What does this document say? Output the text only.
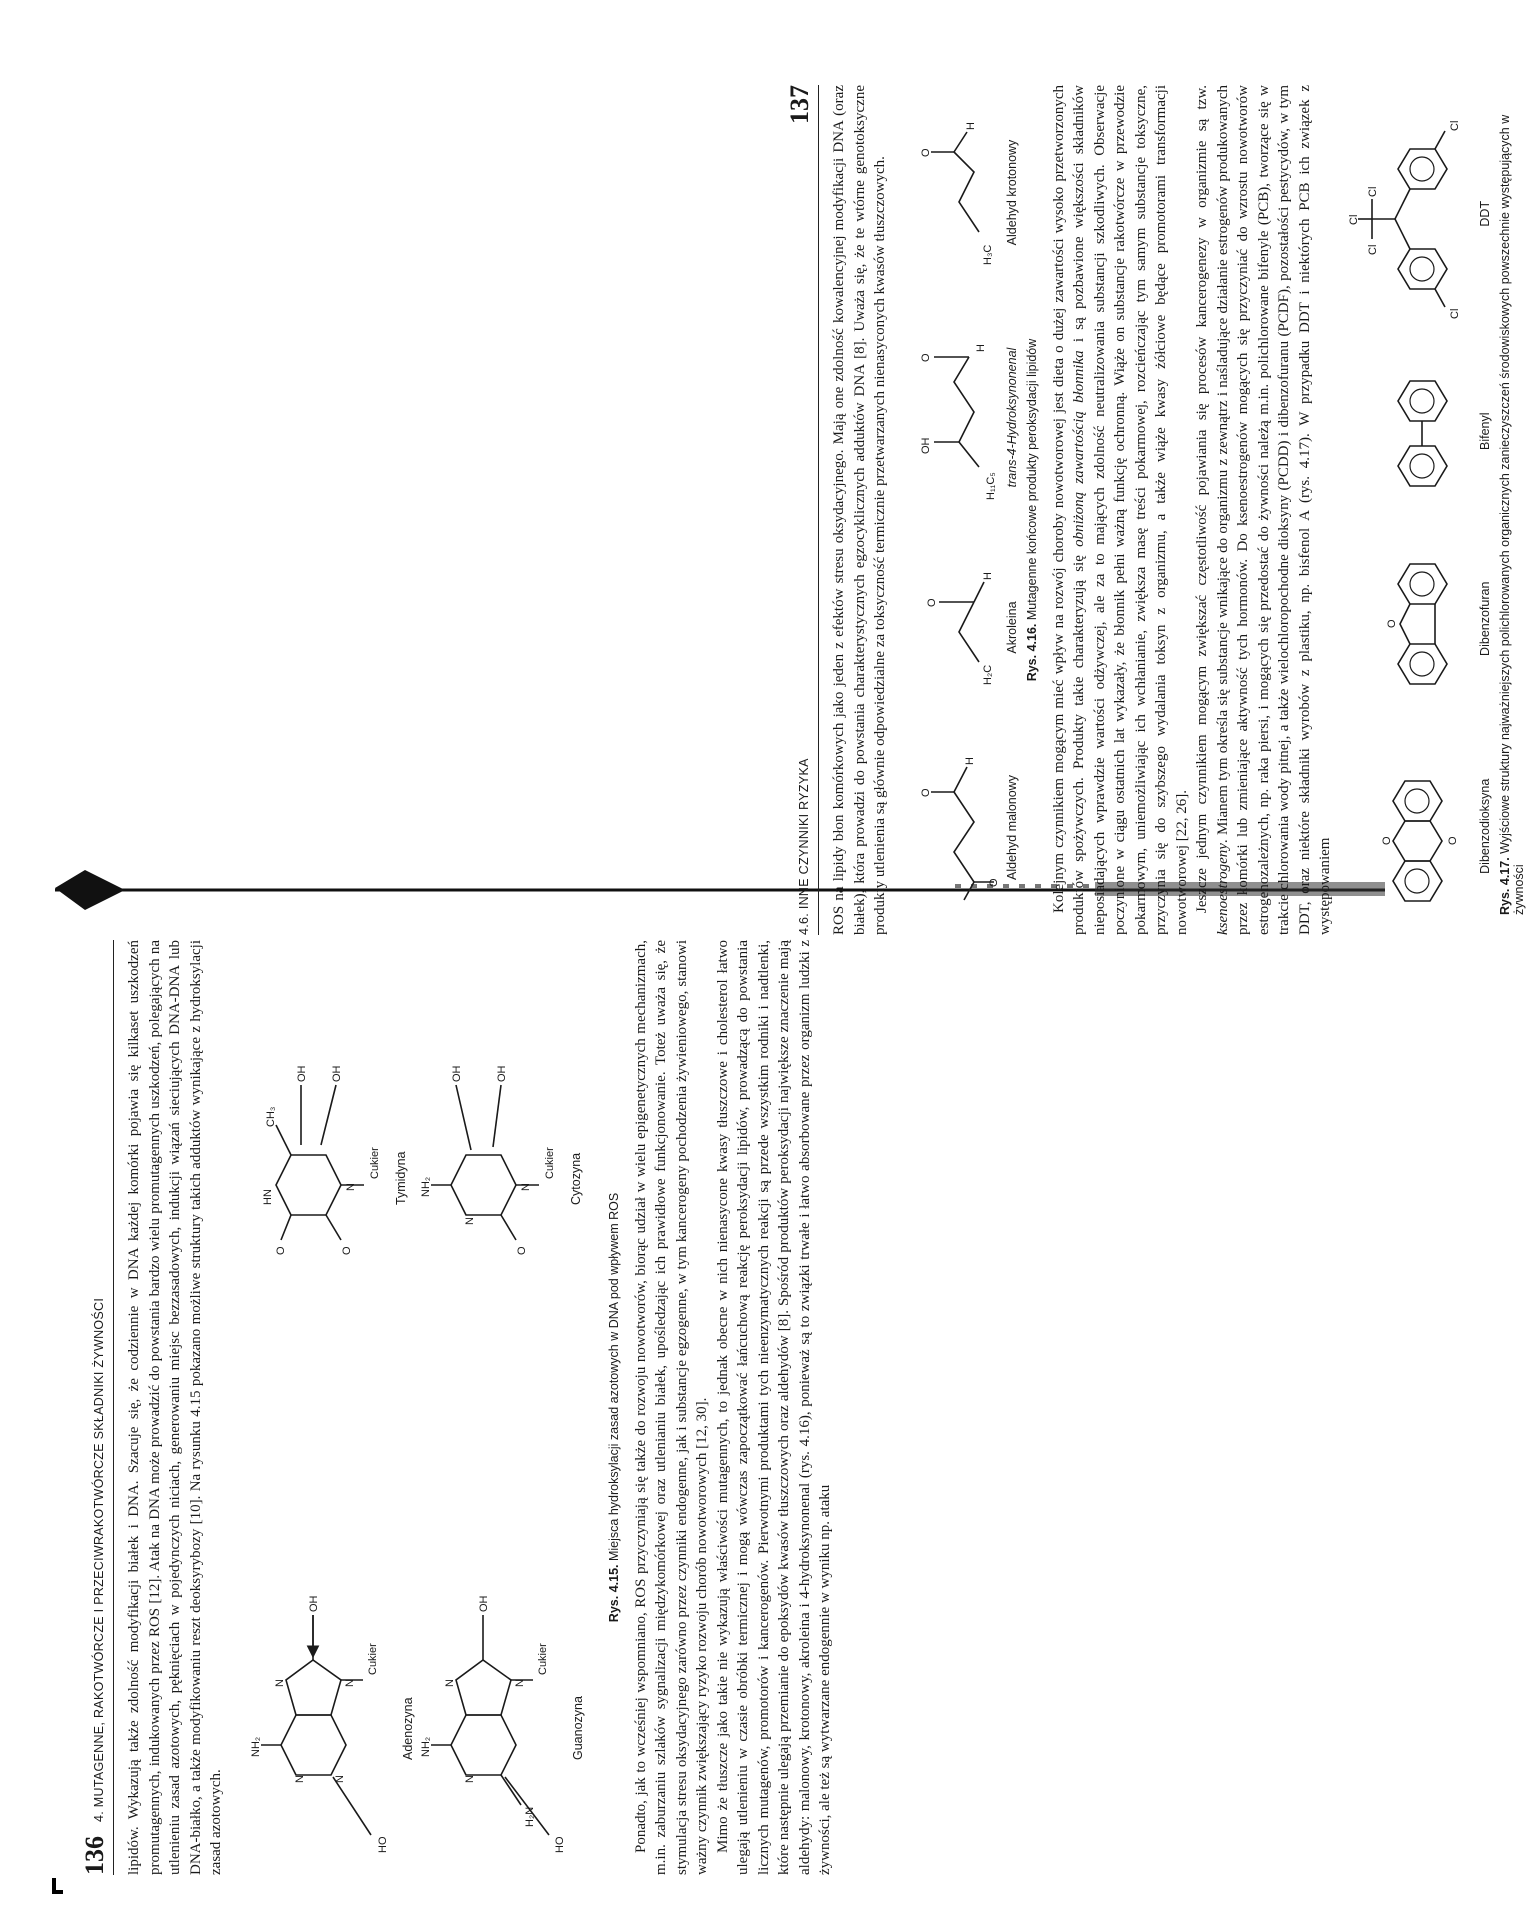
136
4. MUTAGENNE, RAKOTWÓRCZE I PRZECIWRAKOTWÓRCZE SKŁADNIKI ŻYWNOŚCI lipidów. Wykazują także zdolność modyfikacji białek i DNA. Szacuje się, że codziennie w DNA każdej komórki pojawia się kilkaset uszkodzeń promutagennych, indukowanych przez ROS [12]. Atak na DNA może prowadzić do powstania bardzo wielu promutagennych uszkodzeń, polegających na utlenieniu zasad azotowych, pęknięciach w pojedynczych niciach, generowaniu miejsc bezzasadowych, indukcji wiązań sieciujących DNA-DNA lub DNA-białko, a także modyfikowaniu reszt deoksyrybozy [10]. Na rysunku 4.15 pokazano możliwe struktury takich adduktów wynikające z hydroksylacji zasad azotowych.

NH₂
N	N
N	N
OH
HO
Cukier
Adenozyna
O
HN
O
N
CH₃
OH OH
Cukier Tymidyna
NH₂
N
N	N
OH
H₂N
HO
Cukier
Guanozyna
NH₂
N
O
N
OH	OH
Cukier Cytozyna
Rys. 4.15. Miejsca hydroksylacji zasad azotowych w DNA pod wpływem ROS Ponadto, jak to wcześniej wspomniano, ROS przyczyniają się także do rozwoju nowotworów, biorąc udział w wielu epigenetycznych mechanizmach, m.in. zaburzaniu szlaków sygnalizacji międzykomórkowej oraz utlenianiu białek, upośledzając ich prawidłowe funkcjonowanie. Toteż uważa się, że stymulacja stresu oksydacyjnego zarówno przez czynniki endogenne, jak i substancje egzogenne, w tym kancerogeny pochodzenia żywieniowego, stanowi ważny czynnik zwiększający ryzyko rozwoju chorób nowotworowych [12, 30]. Mimo że tłuszcze jako takie nie wykazują właściwości mutagennych, to jednak obecne w nich nienasycone kwasy tłuszczowe i cholesterol łatwo ulegają utlenieniu w czasie obróbki termicznej i mogą wówczas zapoczątkować łańcuchową reakcję peroksydacji lipidów, prowadzącą do powstania licznych mutagenów, promotorów i kancerogenów. Pierwotnymi produktami tych nieenzymatycznych reakcji są przede wszystkim rodniki i nadtlenki, które następnie ulegają przemianie do epoksydów kwasów tłuszczowych oraz aldehydów [8]. Spośród produktów peroksydacji największe znaczenie mają aldehydy: malonowy, krotonowy, akroleina i 4-hydroksynonenal (rys. 4.16), ponieważ są to związki trwałe i łatwo absorbowane przez organizm ludzki z żywności, ale też są wytwarzane endogennie w wyniku np. ataku

137
4.6. INNE CZYNNIKI RYZYKA ROS na lipidy błon komórkowych jako jeden z efektów stresu oksydacyjnego. Mają one zdolność kowalencyjnej modyfikacji DNA (oraz białek), która prowadzi do powstania charakterystycznych egzocyklicznych adduktów DNA [8]. Uważa się, że te wtórne genotoksyczne produkty utlenienia są głównie odpowiedzialne za toksyczność termicznie przetwarzanych nienasyconych kwasów tłuszczowych.	O
O
H
Aldehyd malonowy
H₂C
O
H
Akroleina
OH
H₁₁C₅
O
H trans-4-Hydroksynonenal
H₃C
O
H
Aldehyd krotonowy
Rys. 4.16. Mutagenne końcowe produkty peroksydacji lipidów Kolejnym czynnikiem mogącym mieć wpływ na rozwój choroby nowotworowej jest dieta o dużej zawartości wysoko przetworzonych produktów spożywczych. Produkty takie charakteryzują się obniżoną zawartością błonnika i są pozbawione większości składników nieposiadających wprawdzie wartości odżywczej, ale za to mających zdolność neutralizowania substancji szkodliwych. Obserwacje poczynione w ciągu ostatnich lat wykazały, że błonnik pełni ważną funkcję ochronną. Wiąże on substancje rakotwórcze w przewodzie pokarmowym, uniemożliwiając ich wchłanianie, zwiększa masę treści pokarmowej, rozcieńczając tym samym substancje toksyczne, przyczynia się do szybszego wydalania toksyn z organizmu, a także wiąże kwasy żółciowe będące promotorami transformacji nowotworowej [22, 26]. Jeszcze jednym czynnikiem mogącym zwiększać częstotliwość pojawiania się procesów kancerogenezy w organizmie są tzw. ksenoestrogeny. Mianem tym określa się substancje wnikające do organizmu z zewnątrz i naśladujące działanie estrogenów produkowanych przez komórki lub zmieniające aktywność tych hormonów. Do ksenoestrogenów mogących się przyczyniać do wzrostu nowotworów estrogenozależnych, np. raka piersi, i mogących się przedostać do żywności należą m.in. polichlorowane bifenyle (PCB), tworzące się w trakcie chlorowania wody pitnej, a także wielochloropochodne dioksyny (PCDD) i dibenzofuranu (PCDF), pozostałości pestycydów, w tym DDT, oraz niektóre składniki wyrobów z plastiku, np. bisfenol A (rys. 4.17). W przypadku DDT i niektórych PCB ich związek z występowaniem	O	O Dibenzodioksyna
O	Dibenzofuran
Bifenyl
Cl
Cl
Cl
Cl
Cl
DDT
Rys. 4.17. Wyjściowe struktury najważniejszych polichlorowanych organicznych zanieczyszczeń środowiskowych powszechnie występujących w żywności
